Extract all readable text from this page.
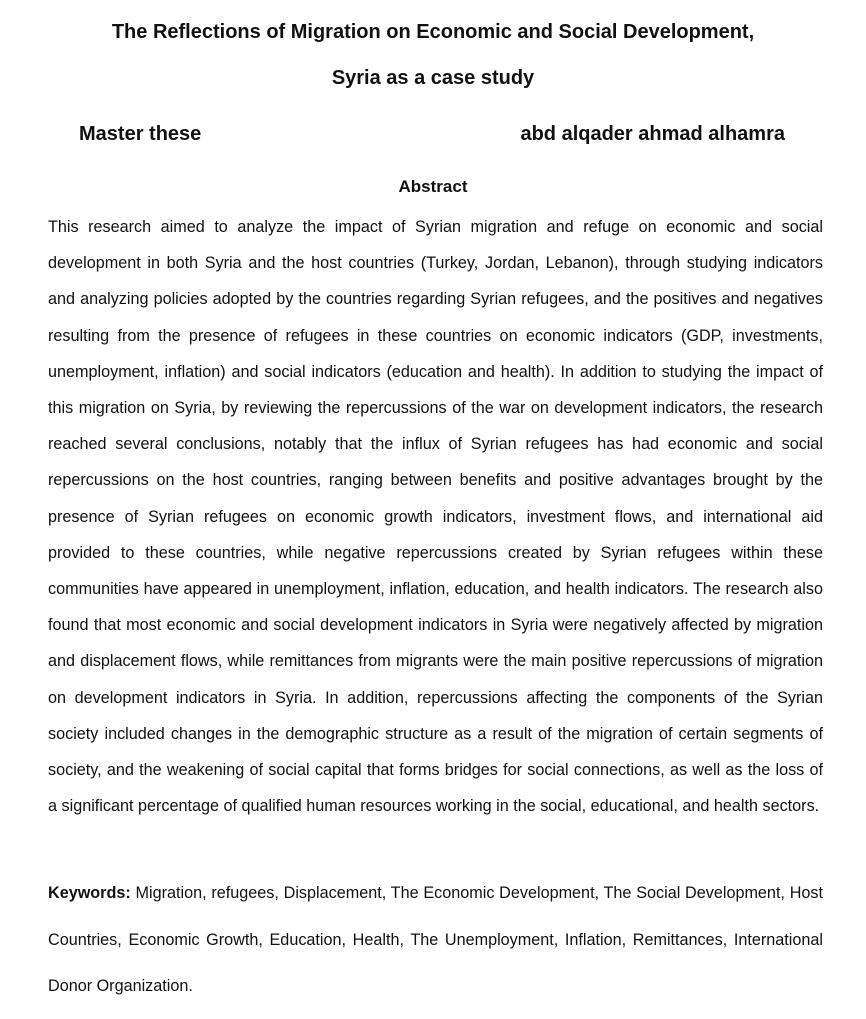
The Reflections of Migration on Economic and Social Development,
Syria as a case study
Master these	abd alqader ahmad alhamra
Abstract

This research aimed to analyze the impact of Syrian migration and refuge on economic and social development in both Syria and the host countries (Turkey, Jordan, Lebanon), through studying indicators and analyzing policies adopted by the countries regarding Syrian refugees, and the positives and negatives resulting from the presence of refugees in these countries on economic indicators (GDP, investments, unemployment, inflation) and social indicators (education and health). In addition to studying the impact of this migration on Syria, by reviewing the repercussions of the war on development indicators, the research reached several conclusions, notably that the influx of Syrian refugees has had economic and social repercussions on the host countries, ranging between benefits and positive advantages brought by the presence of Syrian refugees on economic growth indicators, investment flows, and international aid provided to these countries, while negative repercussions created by Syrian refugees within these communities have appeared in unemployment, inflation, education, and health indicators. The research also found that most economic and social development indicators in Syria were negatively affected by migration and displacement flows, while remittances from migrants were the main positive repercussions of migration on development indicators in Syria. In addition, repercussions affecting the components of the Syrian society included changes in the demographic structure as a result of the migration of certain segments of society, and the weakening of social capital that forms bridges for social connections, as well as the loss of a significant percentage of qualified human resources working in the social, educational, and health sectors.

Keywords: Migration, refugees, Displacement, The Economic Development, The Social Development, Host Countries, Economic Growth, Education, Health, The Unemployment, Inflation, Remittances, International Donor Organization.
